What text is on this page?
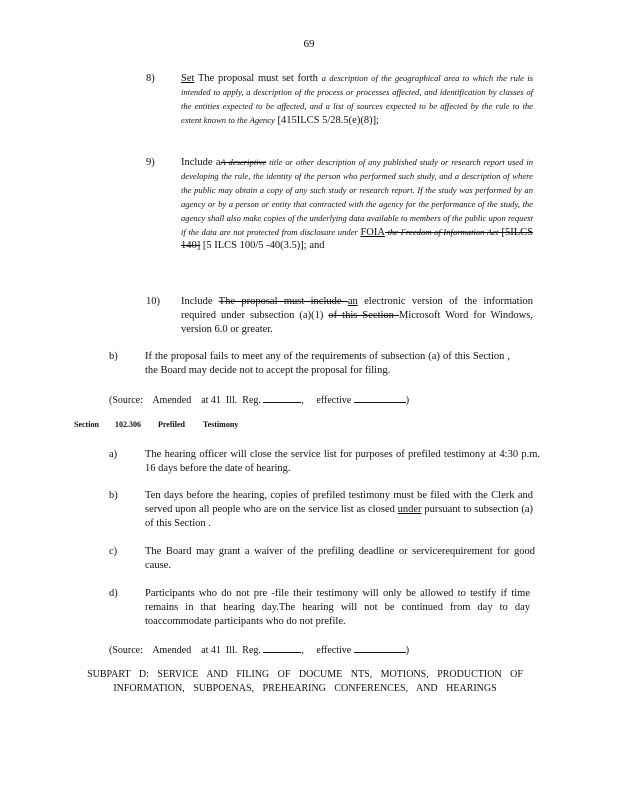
69
8)	Set The proposal must set forth a description of the geographical area to which the rule is intended to apply, a description of the process or processes affected, and identification by classes of the entities expected to be affected, and a list of sources expected to be affected by the rule to the extent known to the Agency [415ILCS 5/28.5(e)(8)];
9)	Include aA descriptive title or other description of any published study or research report used in developing the rule, the identity of the person who performed such study, and a description of where the public may obtain a copy of any such study or research report. If the study was performed by an agency or by a person or entity that contracted with the agency for the performance of the study, the agency shall also make copies of the underlying data available to members of the public upon request if the data are not protected from disclosure under FOIA the Freedom of Information Act [5ILCS 140] [5 ILCS 100/5 -40(3.5)]; and
10) Include The proposal must include an electronic version of the information required under subsection (a)(1) of this Section Microsoft Word for Windows, version 6.0 or greater.
b)	If the proposal fails to meet any of the requirements of subsection (a) of this Section , the Board may decide not to accept the proposal for filing.
(Source:    Amended    at 41  Ill.  Reg.	,     effective	)
Section 102.306 Prefiled Testimony
a)	The hearing officer will close the service list for purposes of prefiled testimony at 4:30 p.m. 16 days before the date of hearing.
b)	Ten days before the hearing, copies of prefiled testimony must be filed with the Clerk and served upon all people who are on the service list as closed under pursuant to subsection (a) of this Section .
c)	The Board may grant a waiver of the prefiling deadline or servicerequirement for good cause.
d)	Participants who do not pre -file their testimony will only be allowed to testify if time remains in that hearing day.The hearing will not be continued from day to day toaccommodate participants who do not prefile.
(Source:    Amended    at 41  Ill.  Reg.	,     effective	)
SUBPART D: SERVICE AND FILING OF DOCUME NTS, MOTIONS, PRODUCTION OF
INFORMATION, SUBPOENAS, PREHEARING CONFERENCES, AND HEARINGS
